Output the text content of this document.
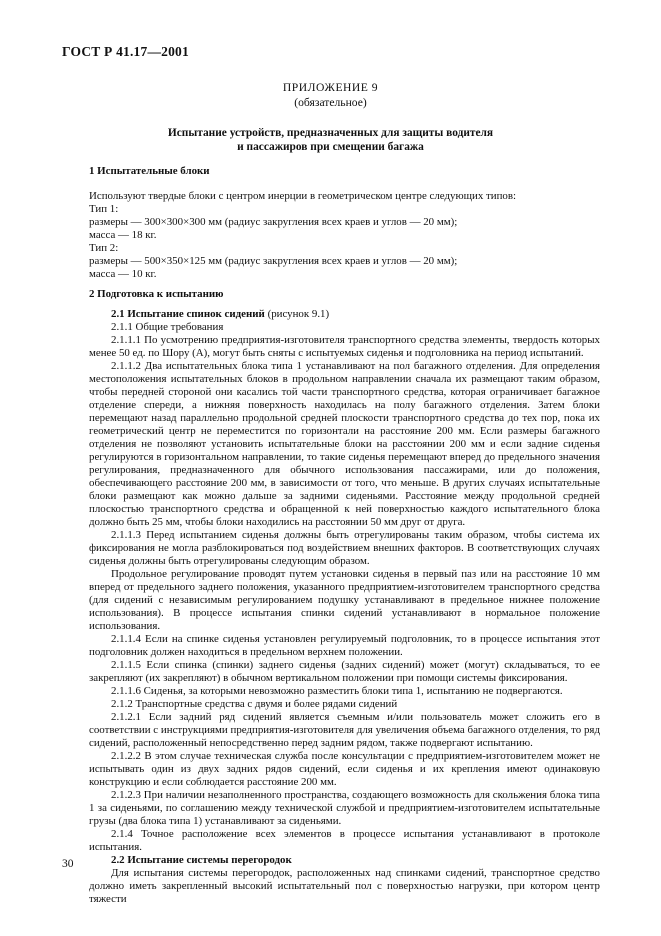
ГОСТ Р 41.17—2001
ПРИЛОЖЕНИЕ 9
(обязательное)
Испытание устройств, предназначенных для защиты водителя
и пассажиров при смещении багажа

1 Испытательные блоки

Используют твердые блоки с центром инерции в геометрическом центре следующих типов:

Тип 1:

размеры — 300×300×300 мм (радиус закругления всех краев и углов — 20 мм);

масса — 18 кг.

Тип 2:

размеры — 500×350×125 мм (радиус закругления всех краев и углов — 20 мм);

масса — 10 кг.

2 Подготовка к испытанию

2.1 Испытание спинок сидений (рисунок 9.1)

2.1.1 Общие требования

2.1.1.1 По усмотрению предприятия-изготовителя транспортного средства элементы, твердость которых менее 50 ед. по Шору (А), могут быть сняты с испытуемых сиденья и подголовника на период испытаний.

2.1.1.2 Два испытательных блока типа 1 устанавливают на пол багажного отделения. Для определения местоположения испытательных блоков в продольном направлении сначала их размещают таким образом, чтобы передней стороной они касались той части транспортного средства, которая ограничивает багажное отделение спереди, а нижняя поверхность находилась на полу багажного отделения. Затем блоки перемещают назад параллельно продольной средней плоскости транспортного средства до тех пор, пока их геометрический центр не переместится по горизонтали на расстояние 200 мм. Если размеры багажного отделения не позволяют установить испытательные блоки на расстоянии 200 мм и если задние сиденья регулируются в горизонтальном направлении, то такие сиденья перемещают вперед до предельного значения регулирования, предназначенного для обычного использования пассажирами, или до положения, обеспечивающего расстояние 200 мм, в зависимости от того, что меньше. В других случаях испытательные блоки размещают как можно дальше за задними сиденьями. Расстояние между продольной средней плоскостью транспортного средства и обращенной к ней поверхностью каждого испытательного блока должно быть 25 мм, чтобы блоки находились на расстоянии 50 мм друг от друга.

2.1.1.3 Перед испытанием сиденья должны быть отрегулированы таким образом, чтобы система их фиксирования не могла разблокироваться под воздействием внешних факторов. В соответствующих случаях сиденья должны быть отрегулированы следующим образом.

Продольное регулирование проводят путем установки сиденья в первый паз или на расстояние 10 мм вперед от предельного заднего положения, указанного предприятием-изготовителем транспортного средства (для сидений с независимым регулированием подушку устанавливают в предельное нижнее положение использования). В процессе испытания спинки сидений устанавливают в нормальное положение использования.

2.1.1.4 Если на спинке сиденья установлен регулируемый подголовник, то в процессе испытания этот подголовник должен находиться в предельном верхнем положении.

2.1.1.5 Если спинка (спинки) заднего сиденья (задних сидений) может (могут) складываться, то ее закрепляют (их закрепляют) в обычном вертикальном положении при помощи системы фиксирования.

2.1.1.6 Сиденья, за которыми невозможно разместить блоки типа 1, испытанию не подвергаются.

2.1.2 Транспортные средства с двумя и более рядами сидений

2.1.2.1 Если задний ряд сидений является съемным и/или пользователь может сложить его в соответствии с инструкциями предприятия-изготовителя для увеличения объема багажного отделения, то ряд сидений, расположенный непосредственно перед задним рядом, также подвергают испытанию.

2.1.2.2 В этом случае техническая служба после консультации с предприятием-изготовителем может не испытывать один из двух задних рядов сидений, если сиденья и их крепления имеют одинаковую конструкцию и если соблюдается расстояние 200 мм.

2.1.2.3 При наличии незаполненного пространства, создающего возможность для скольжения блока типа 1 за сиденьями, по соглашению между технической службой и предприятием-изготовителем испытательные грузы (два блока типа 1) устанавливают за сиденьями.

2.1.4 Точное расположение всех элементов в процессе испытания устанавливают в протоколе испытания.

2.2 Испытание системы перегородок

Для испытания системы перегородок, расположенных над спинками сидений, транспортное средство должно иметь закрепленный высокий испытательный пол с поверхностью нагрузки, при котором центр тяжести

30
